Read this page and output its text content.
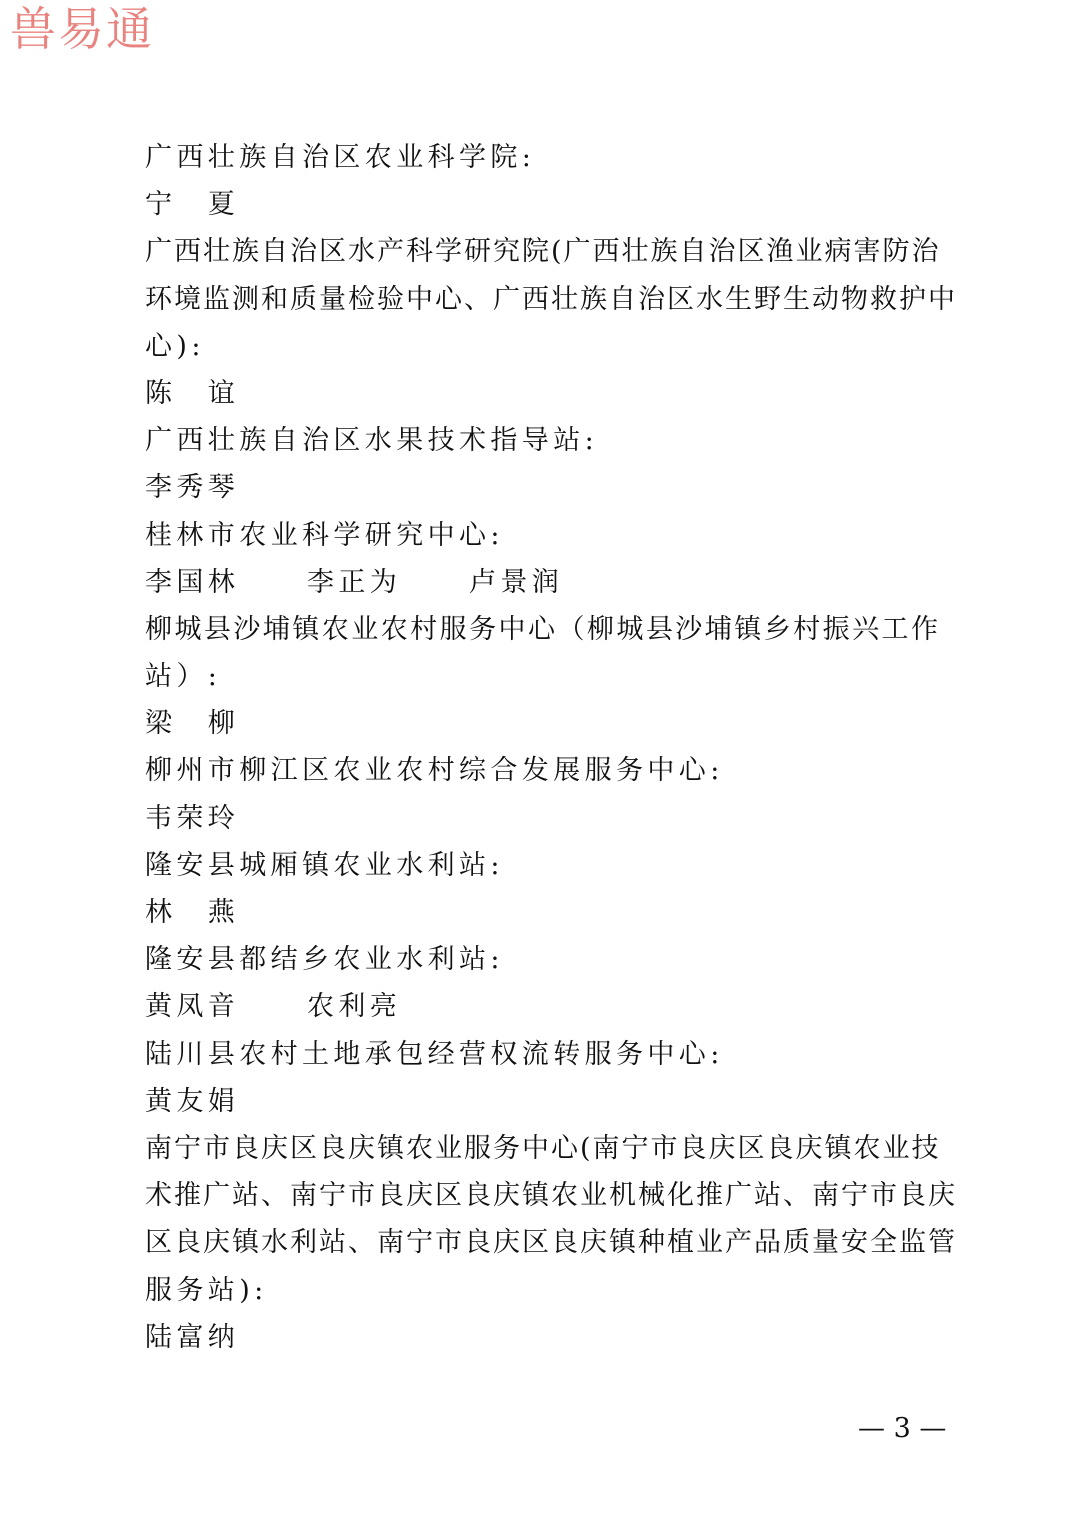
兽易通
广西壮族自治区农业科学院:
宁　夏
广西壮族自治区水产科学研究院(广西壮族自治区渔业病害防治
环境监测和质量检验中心、广西壮族自治区水生野生动物救护中
心):
陈　谊
广西壮族自治区水果技术指导站:
李秀琴
桂林市农业科学研究中心:
李国林	李正为	卢景润
柳城县沙埔镇农业农村服务中心（柳城县沙埔镇乡村振兴工作
站）:
梁　柳
柳州市柳江区农业农村综合发展服务中心:
韦荣玲
隆安县城厢镇农业水利站:
林　燕
隆安县都结乡农业水利站:
黄凤音	农利亮
陆川县农村土地承包经营权流转服务中心:
黄友娟
南宁市良庆区良庆镇农业服务中心(南宁市良庆区良庆镇农业技
术推广站、南宁市良庆区良庆镇农业机械化推广站、南宁市良庆
区良庆镇水利站、南宁市良庆区良庆镇种植业产品质量安全监管
服务站):
陆富纳
— 3 —
